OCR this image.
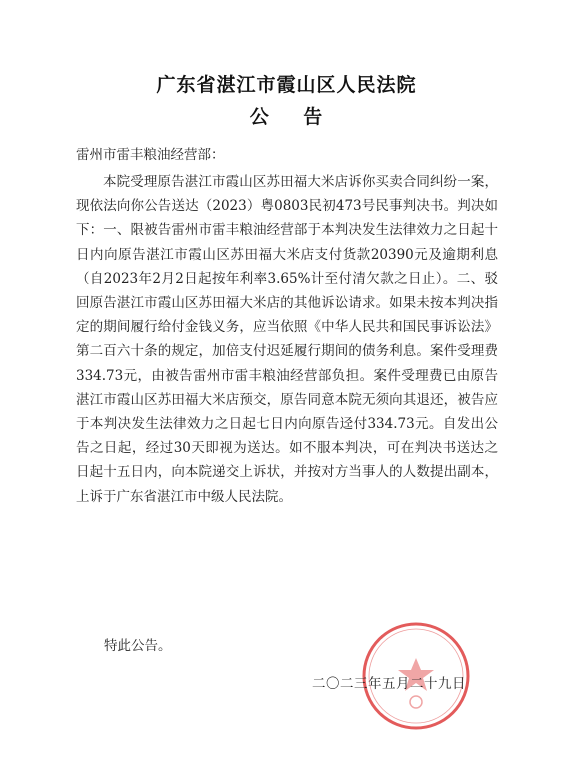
广东省湛江市霞山区人民法院
公 告
雷州市雷丰粮油经营部：
本院受理原告湛江市霞山区苏田福大米店诉你买卖合同纠纷一案，现依法向你公告送达（2023）粤0803民初473号民事判决书。判决如下：一、限被告雷州市雷丰粮油经营部于本判决发生法律效力之日起十日内向原告湛江市霞山区苏田福大米店支付货款20390元及逾期利息（自2023年2月2日起按年利率3.65%计至付清欠款之日止）。二、驳回原告湛江市霞山区苏田福大米店的其他诉讼请求。如果未按本判决指定的期间履行给付金钱义务，应当依照《中华人民共和国民事诉讼法》第二百六十条的规定，加倍支付迟延履行期间的债务利息。案件受理费334.73元，由被告雷州市雷丰粮油经营部负担。案件受理费已由原告湛江市霞山区苏田福大米店预交，原告同意本院无须向其退还，被告应于本判决发生法律效力之日起七日内向原告迳付334.73元。自发出公告之日起，经过30天即视为送达。如不服本判决，可在判决书送达之日起十五日内，向本院递交上诉状，并按对方当事人的人数提出副本，上诉于广东省湛江市中级人民法院。
特此公告。
二〇二三年五月二十九日
